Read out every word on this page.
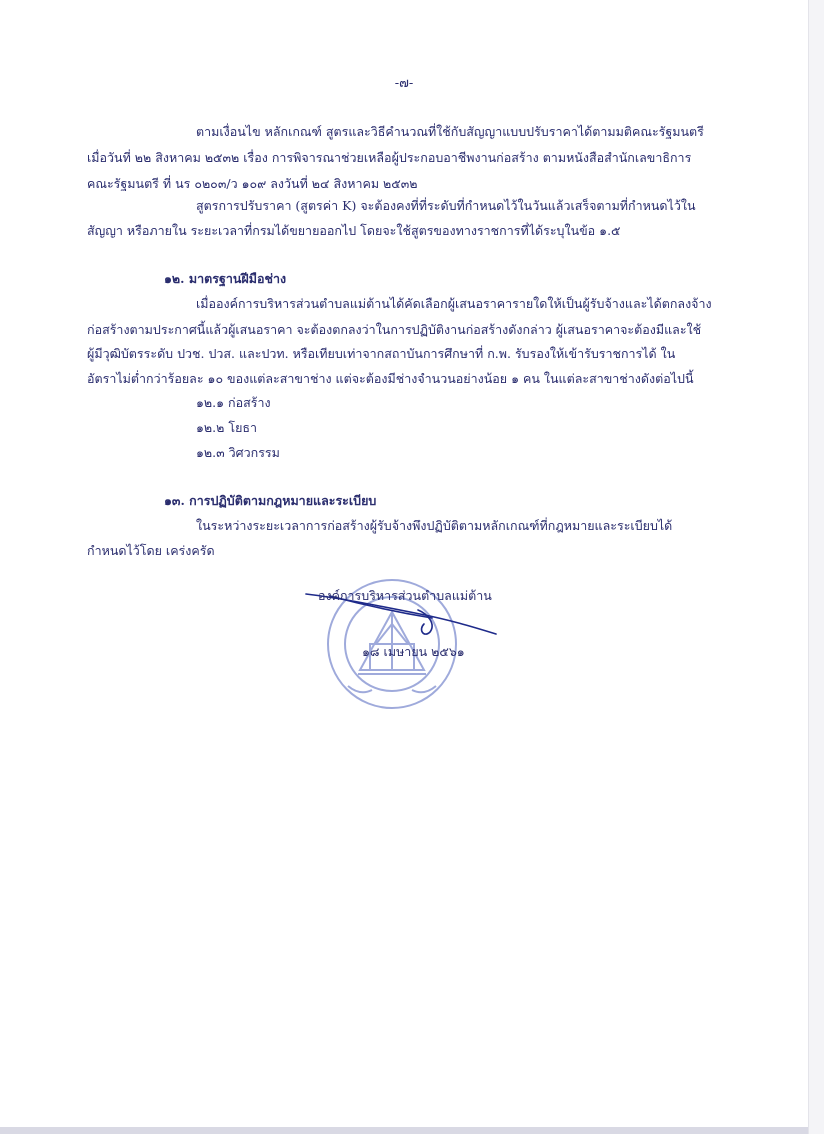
-๗-
ตามเงื่อนไข หลักเกณฑ์ สูตรและวิธีคำนวณที่ใช้กับสัญญาแบบปรับราคาได้ตามมติคณะรัฐมนตรี
เมื่อวันที่ ๒๒ สิงหาคม ๒๕๓๒ เรื่อง การพิจารณาช่วยเหลือผู้ประกอบอาชีพงานก่อสร้าง ตามหนังสือสำนักเลขาธิการ
คณะรัฐมนตรี ที่ นร ๐๒๐๓/ว ๑๐๙ ลงวันที่ ๒๔ สิงหาคม ๒๕๓๒
สูตรการปรับราคา (สูตรค่า K) จะต้องคงที่ที่ระดับที่กำหนดไว้ในวันแล้วเสร็จตามที่กำหนดไว้ใน
สัญญา หรือภายใน ระยะเวลาที่กรมได้ขยายออกไป โดยจะใช้สูตรของทางราชการที่ได้ระบุในข้อ ๑.๕
๑๒. มาตรฐานฝีมือช่าง
เมื่อองค์การบริหารส่วนตำบลแม่ต้านได้คัดเลือกผู้เสนอราคารายใดให้เป็นผู้รับจ้างและได้ตกลงจ้าง
ก่อสร้างตามประกาศนี้แล้วผู้เสนอราคา จะต้องตกลงว่าในการปฏิบัติงานก่อสร้างดังกล่าว ผู้เสนอราคาจะต้องมีและใช้
ผู้มีวุฒิบัตรระดับ ปวช. ปวส. และปวท. หรือเทียบเท่าจากสถาบันการศึกษาที่ ก.พ. รับรองให้เข้ารับราชการได้ ใน
อัตราไม่ต่ำกว่าร้อยละ ๑๐ ของแต่ละสาขาช่าง แต่จะต้องมีช่างจำนวนอย่างน้อย ๑ คน ในแต่ละสาขาช่างดังต่อไปนี้
๑๒.๑ ก่อสร้าง
๑๒.๒ โยธา
๑๒.๓ วิศวกรรม
๑๓. การปฏิบัติตามกฎหมายและระเบียบ
ในระหว่างระยะเวลาการก่อสร้างผู้รับจ้างพึงปฏิบัติตามหลักเกณฑ์ที่กฎหมายและระเบียบได้
กำหนดไว้โดย เคร่งครัด
องค์การบริหารส่วนตำบลแม่ต้าน
๑๘ เมษายน ๒๕๖๑
